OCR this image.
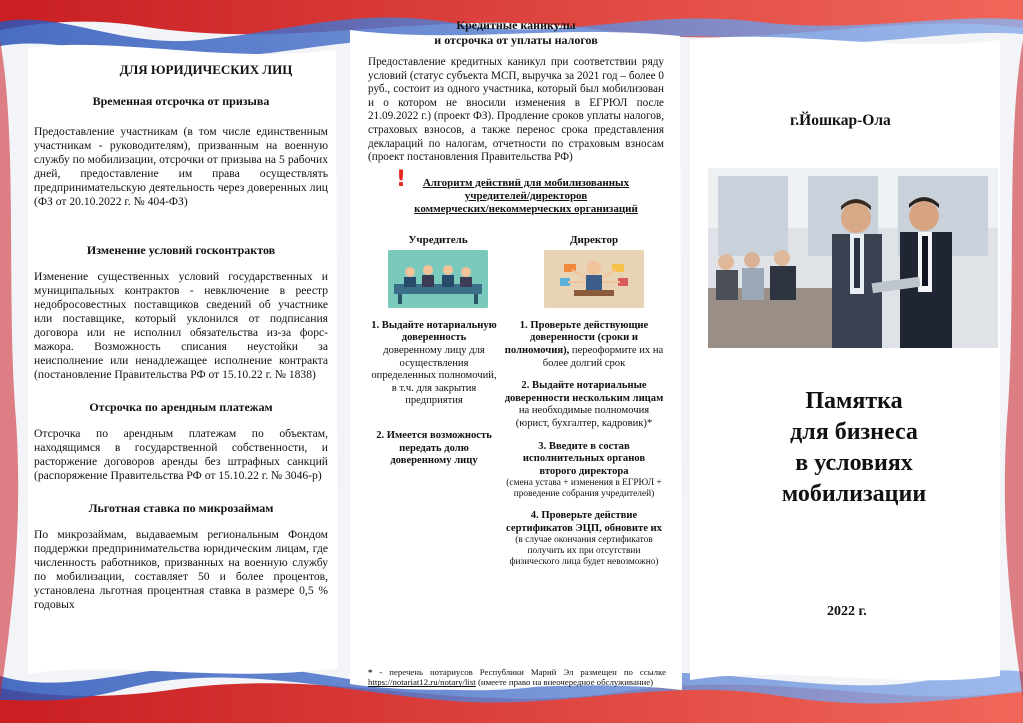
ДЛЯ ЮРИДИЧЕСКИХ ЛИЦ
Временная отсрочка от призыва

Предоставление участникам (в том числе единственным участникам - руководителям), призванным на военную службу по мобилизации, отсрочки от призыва на 5 рабочих дней, предоставление им права осуществлять предпринимательскую деятельность через доверенных лиц (ФЗ от 20.10.2022 г. № 404-ФЗ)

Изменение условий госконтрактов

Изменение существенных условий государственных и муниципальных контрактов - невключение в реестр недобросовестных поставщиков сведений об участнике или поставщике, который уклонился от подписания договора или не исполнил обязательства из-за форс-мажора. Возможность списания неустойки за неисполнение или ненадлежащее исполнение контракта (постановление Правительства РФ от 15.10.22 г. № 1838)

Отсрочка по арендным платежам

Отсрочка по арендным платежам по объектам, находящимся в государственной собственности, и расторжение договоров аренды без штрафных санкций (распоряжение Правительства РФ от 15.10.22 г. № 3046-р)

Льготная ставка по микрозаймам

По микрозаймам, выдаваемым региональным Фондом поддержки предпринимательства юридическим лицам, где численность работников, призванных на военную службу по мобилизации, составляет 50 и более процентов, установлена льготная процентная ставка в размере 0,5 % годовых

Кредитные каникулы
и отсрочка от уплаты налогов

Предоставление кредитных каникул при соответствии ряду условий (статус субъекта МСП, выручка за 2021 год – более 0 руб., состоит из одного участника, который был мобилизован и о котором не вносили изменения в ЕГРЮЛ после 21.09.2022 г.) (проект ФЗ). Продление сроков уплаты налогов, страховых взносов, а также перенос срока представления деклараций по налогам, отчетности по страховым взносам (проект постановления Правительства РФ)

! Алгоритм действий для мобилизованных
учредителей/директоров
коммерческих/некоммерческих организаций
Учредитель	Директор
1. Выдайте нотариальную доверенность
доверенному лицу для осуществления определенных полномочий, в т.ч. для закрытия предприятия
2. Имеется возможность передать долю доверенному лицу
1. Проверьте действующие доверенности (сроки и полномочия), переоформите их на более долгий срок
2. Выдайте нотариальные доверенности нескольким лицам на необходимые полномочия (юрист, бухгалтер, кадровик)*
3. Введите в состав исполнительных органов второго директора
(смена устава + изменения в ЕГРЮЛ + проведение собрания учредителей)
4. Проверьте действие сертификатов ЭЦП, обновите их
(в случае окончания сертификатов получить их при отсутствии физического лица будет невозможно)
* - перечень нотариусов Республики Марий Эл размещен по ссылке https://notariat12.ru/notary/list (имеете право на внеочередное обслуживание)
г.Йошкар-Ола
Памятка
для бизнеса
в условиях
мобилизации
2022 г.
